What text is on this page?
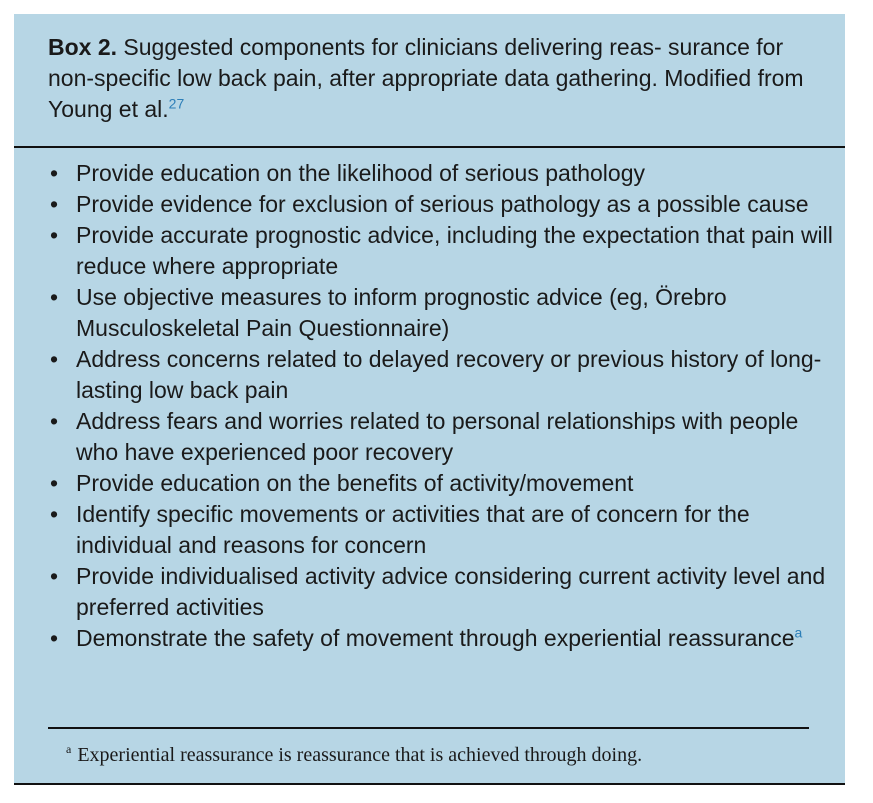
Box 2. Suggested components for clinicians delivering reas- surance for non-specific low back pain, after appropriate data gathering. Modified from Young et al.$^{27}$
• Provide education on the likelihood of serious pathology
• Provide evidence for exclusion of serious pathology as a possible cause
• Provide accurate prognostic advice, including the expectation that pain will reduce where appropriate
• Use objective measures to inform prognostic advice (eg, Örebro Musculoskeletal Pain Questionnaire)
• Address concerns related to delayed recovery or previous history of long-lasting low back pain
• Address fears and worries related to personal relationships with people who have experienced poor recovery
• Provide education on the benefits of activity/movement
• Identify specific movements or activities that are of concern for the individual and reasons for concern
• Provide individualised activity advice considering current activity level and preferred activities
• Demonstrate the safety of movement through experiential reassurance$^a$
$^a$ Experiential reassurance is reassurance that is achieved through doing.
